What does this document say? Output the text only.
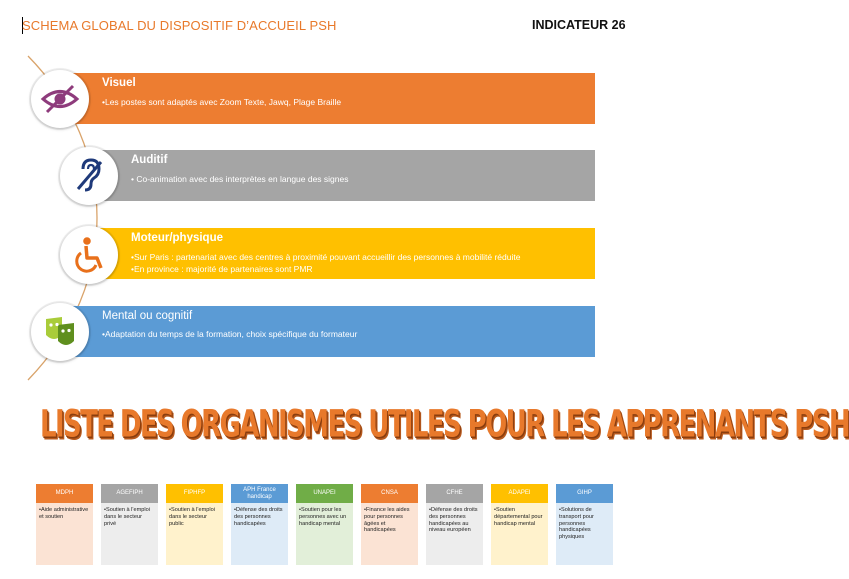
SCHEMA GLOBAL DU DISPOSITIF D’ACCUEIL PSH	INDICATEUR 26
Visuel
•Les postes sont adaptés avec Zoom Texte, Jawq, Plage Braille
Auditif
• Co-animation avec des interprètes en langue des signes
Moteur/physique
•Sur Paris : partenariat avec des centres à proximité pouvant accueillir des personnes à mobilité réduite
•En province : majorité de partenaires sont PMR
Mental ou cognitif
•Adaptation du temps de la formation, choix spécifique du formateur
LISTE DES ORGANISMES UTILES POUR LES APPRENANTS PSH
MDPH
•Aide administrative et soutien
AGEFIPH
•Soutien à l'emploi dans le secteur privé
FIPHFP
•Soutien à l'emploi dans le secteur public
APH France handicap
•Défense des droits des personnes handicapées
UNAPEI
•Soutien pour les personnes avec un handicap mental
CNSA
•Finance les aides pour personnes âgées et handicapées
CFHE
•Défense des droits des personnes handicapées au niveau européen
ADAPEI
•Soutien départemental pour handicap mental
GIHP
•Solutions de transport pour personnes handicapées physiques
